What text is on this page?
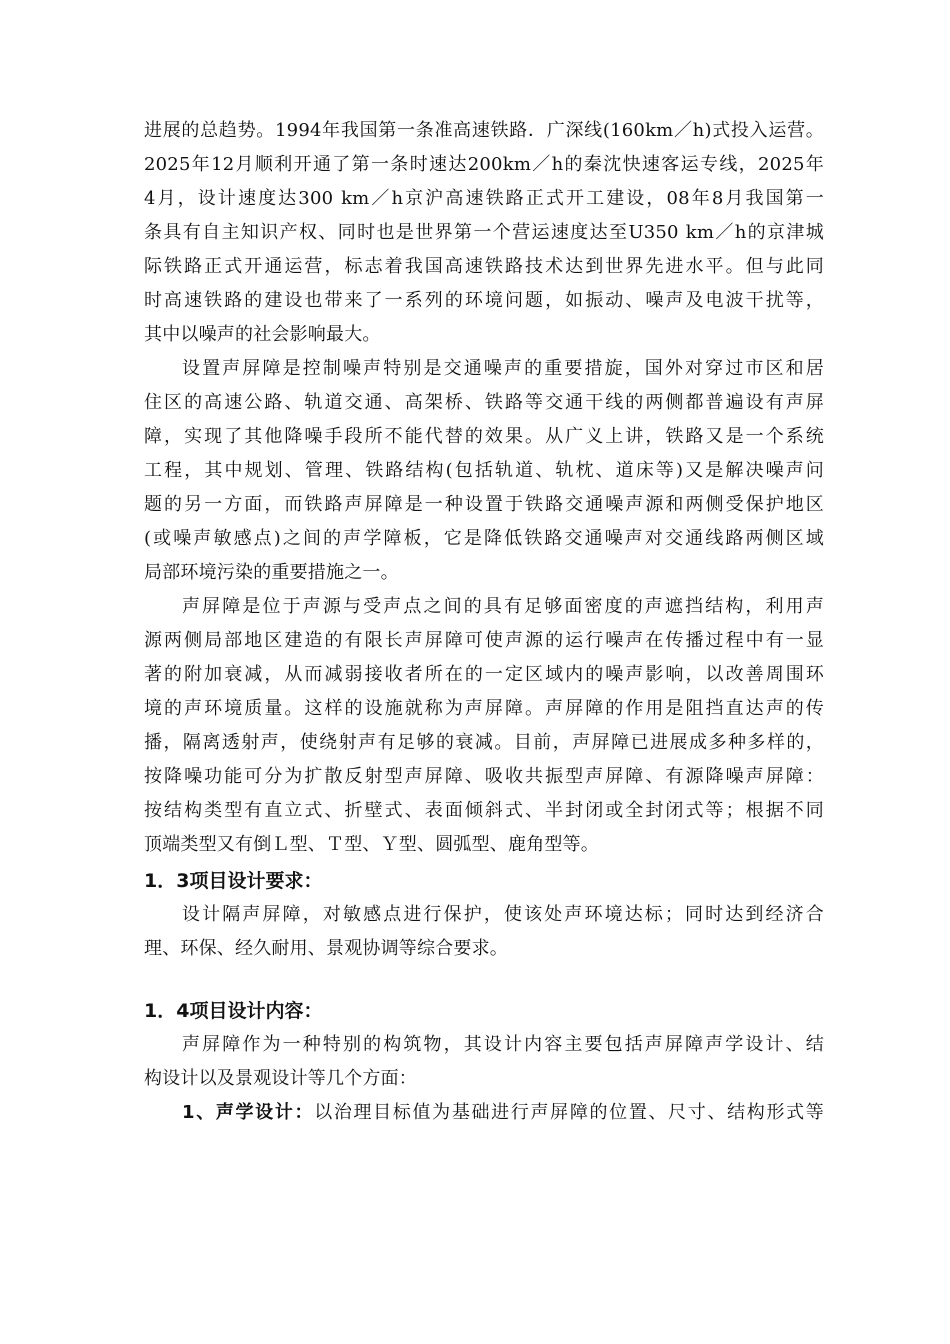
进展的总趋势。1994年我国第一条准高速铁路．广深线(160km／h)式投入运营。
2025年12月顺利开通了第一条时速达200km／h的秦沈快速客运专线，2025年
4月，设计速度达300 km／h京沪高速铁路正式开工建设，08年8月我国第一
条具有自主知识产权、同时也是世界第一个营运速度达至U350 km／h的京津城
际铁路正式开通运营，标志着我国高速铁路技术达到世界先进水平。但与此同
时高速铁路的建设也带来了一系列的环境问题，如振动、噪声及电波干扰等，
其中以噪声的社会影响最大。
设置声屏障是控制噪声特别是交通噪声的重要措旋，国外对穿过市区和居
住区的高速公路、轨道交通、高架桥、铁路等交通干线的两侧都普遍设有声屏
障，实现了其他降噪手段所不能代替的效果。从广义上讲，铁路又是一个系统
工程，其中规划、管理、铁路结构(包括轨道、轨枕、道床等)又是解决噪声问
题的另一方面，而铁路声屏障是一种设置于铁路交通噪声源和两侧受保护地区
(或噪声敏感点)之间的声学障板，它是降低铁路交通噪声对交通线路两侧区域
局部环境污染的重要措施之一。
声屏障是位于声源与受声点之间的具有足够面密度的声遮挡结构，利用声
源两侧局部地区建造的有限长声屏障可使声源的运行噪声在传播过程中有一显
著的附加衰减，从而减弱接收者所在的一定区域内的噪声影响，以改善周围环
境的声环境质量。这样的设施就称为声屏障。声屏障的作用是阻挡直达声的传
播，隔离透射声，使绕射声有足够的衰减。目前，声屏障已进展成多种多样的，
按降噪功能可分为扩散反射型声屏障、吸收共振型声屏障、有源降噪声屏障：
按结构类型有直立式、折壁式、表面倾斜式、半封闭或全封闭式等；根据不同
顶端类型又有倒Ｌ型、Ｔ型、Ｙ型、圆弧型、鹿角型等。
1．3项目设计要求：
设计隔声屏障，对敏感点进行保护，使该处声环境达标；同时达到经济合
理、环保、经久耐用、景观协调等综合要求。
1．4项目设计内容：
声屏障作为一种特别的构筑物，其设计内容主要包括声屏障声学设计、结
构设计以及景观设计等几个方面：
1、声学设计：以治理目标值为基础进行声屏障的位置、尺寸、结构形式等
